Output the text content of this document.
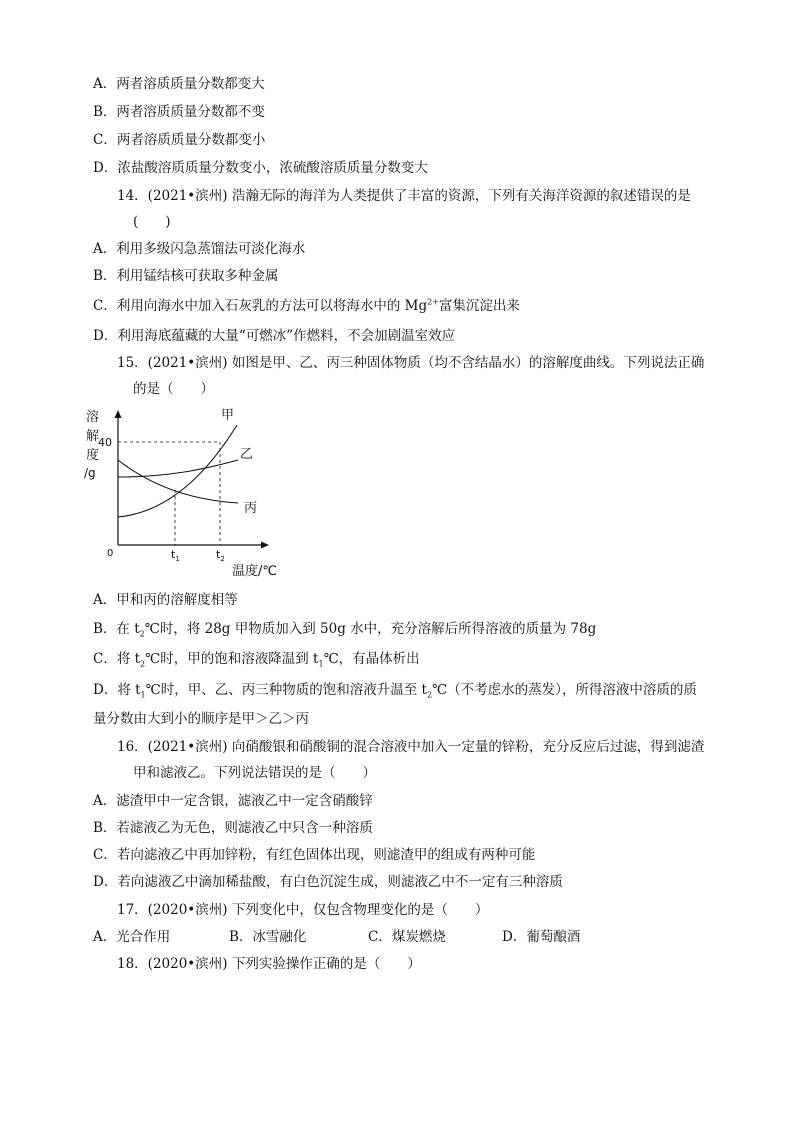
A．两者溶质质量分数都变大
B．两者溶质质量分数都不变
C．两者溶质质量分数都变小
D．浓盐酸溶质质量分数变小，浓硫酸溶质质量分数变大
14．(2021•滨州) 浩瀚无际的海洋为人类提供了丰富的资源，下列有关海洋资源的叙述错误的是
(　　)
A．利用多级闪急蒸馏法可淡化海水
B．利用锰结核可获取多种金属
C．利用向海水中加入石灰乳的方法可以将海水中的 $Mg^{2+}$富集沉淀出来
D．利用海底蕴藏的大量“可燃冰”作燃料，不会加剧温室效应
15．(2021•滨州) 如图是甲、乙、丙三种固体物质（均不含结晶水）的溶解度曲线。下列说法正确
的是（　　）
溶
解
度
/g
40
0	$t_1$	$t_2$
温度/℃
甲
乙
丙
A．甲和丙的溶解度相等
B．在 $t_2℃$时，将 28g 甲物质加入到 50g 水中，充分溶解后所得溶液的质量为 78g
C．将 $t_2℃$时，甲的饱和溶液降温到 $t_1℃$，有晶体析出
D．将 $t_1℃$时，甲、乙、丙三种物质的饱和溶液升温至 $t_2℃$（不考虑水的蒸发），所得溶液中溶质的质
量分数由大到小的顺序是甲＞乙＞丙
16．(2021•滨州) 向硝酸银和硝酸铜的混合溶液中加入一定量的锌粉，充分反应后过滤，得到滤渣
甲和滤液乙。下列说法错误的是（　　）
A．滤渣甲中一定含银，滤液乙中一定含硝酸锌
B．若滤液乙为无色，则滤液乙中只含一种溶质
C．若向滤液乙中再加锌粉，有红色固体出现，则滤渣甲的组成有两种可能
D．若向滤液乙中滴加稀盐酸，有白色沉淀生成，则滤液乙中不一定有三种溶质
17．(2020•滨州) 下列变化中，仅包含物理变化的是（　　）
A．光合作用	B．冰雪融化	C．煤炭燃烧	D．葡萄酿酒
18．(2020•滨州) 下列实验操作正确的是（　　）
